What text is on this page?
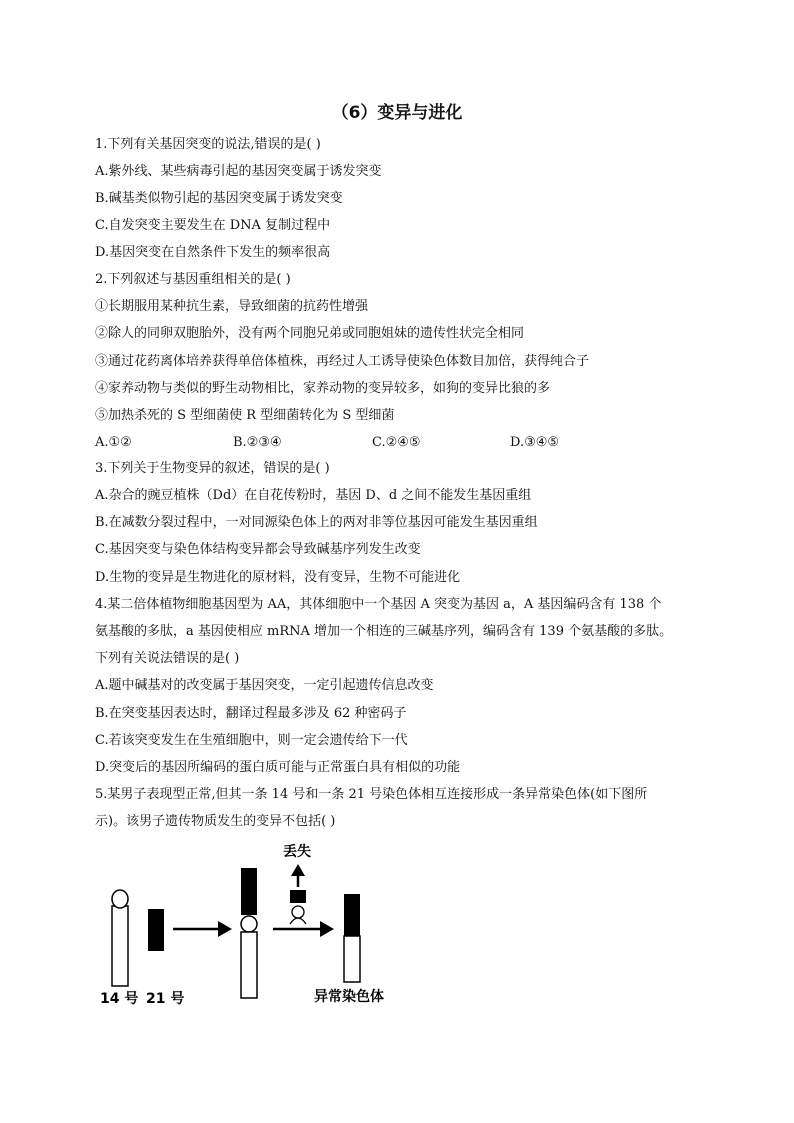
（6）变异与进化
1.下列有关基因突变的说法,错误的是( )
A.紫外线、某些病毒引起的基因突变属于诱发突变
B.碱基类似物引起的基因突变属于诱发突变
C.自发突变主要发生在 DNA 复制过程中
D.基因突变在自然条件下发生的频率很高
2.下列叙述与基因重组相关的是( )
①长期服用某种抗生素，导致细菌的抗药性增强
②除人的同卵双胞胎外，没有两个同胞兄弟或同胞姐妹的遗传性状完全相同
③通过花药离体培养获得单倍体植株，再经过人工诱导使染色体数目加倍，获得纯合子
④家养动物与类似的野生动物相比，家养动物的变异较多，如狗的变异比狼的多
⑤加热杀死的 S 型细菌使 R 型细菌转化为 S 型细菌
A.①②	B.②③④	C.②④⑤	D.③④⑤
3.下列关于生物变异的叙述，错误的是( )
A.杂合的豌豆植株（Dd）在自花传粉时，基因 D、d 之间不能发生基因重组
B.在减数分裂过程中，一对同源染色体上的两对非等位基因可能发生基因重组
C.基因突变与染色体结构变异都会导致碱基序列发生改变
D.生物的变异是生物进化的原材料，没有变异，生物不可能进化
4.某二倍体植物细胞基因型为 AA，其体细胞中一个基因 A 突变为基因 a，A 基因编码含有 138 个
氨基酸的多肽，a 基因使相应 mRNA 增加一个相连的三碱基序列，编码含有 139 个氨基酸的多肽。
下列有关说法错误的是( )
A.题中碱基对的改变属于基因突变，一定引起遗传信息改变
B.在突变基因表达时，翻译过程最多涉及 62 种密码子
C.若该突变发生在生殖细胞中，则一定会遗传给下一代
D.突变后的基因所编码的蛋白质可能与正常蛋白具有相似的功能
5.某男子表现型正常,但其一条 14 号和一条 21 号染色体相互连接形成一条异常染色体(如下图所
示)。该男子遗传物质发生的变异不包括( )
丢失
14 号 21 号	异常染色体
